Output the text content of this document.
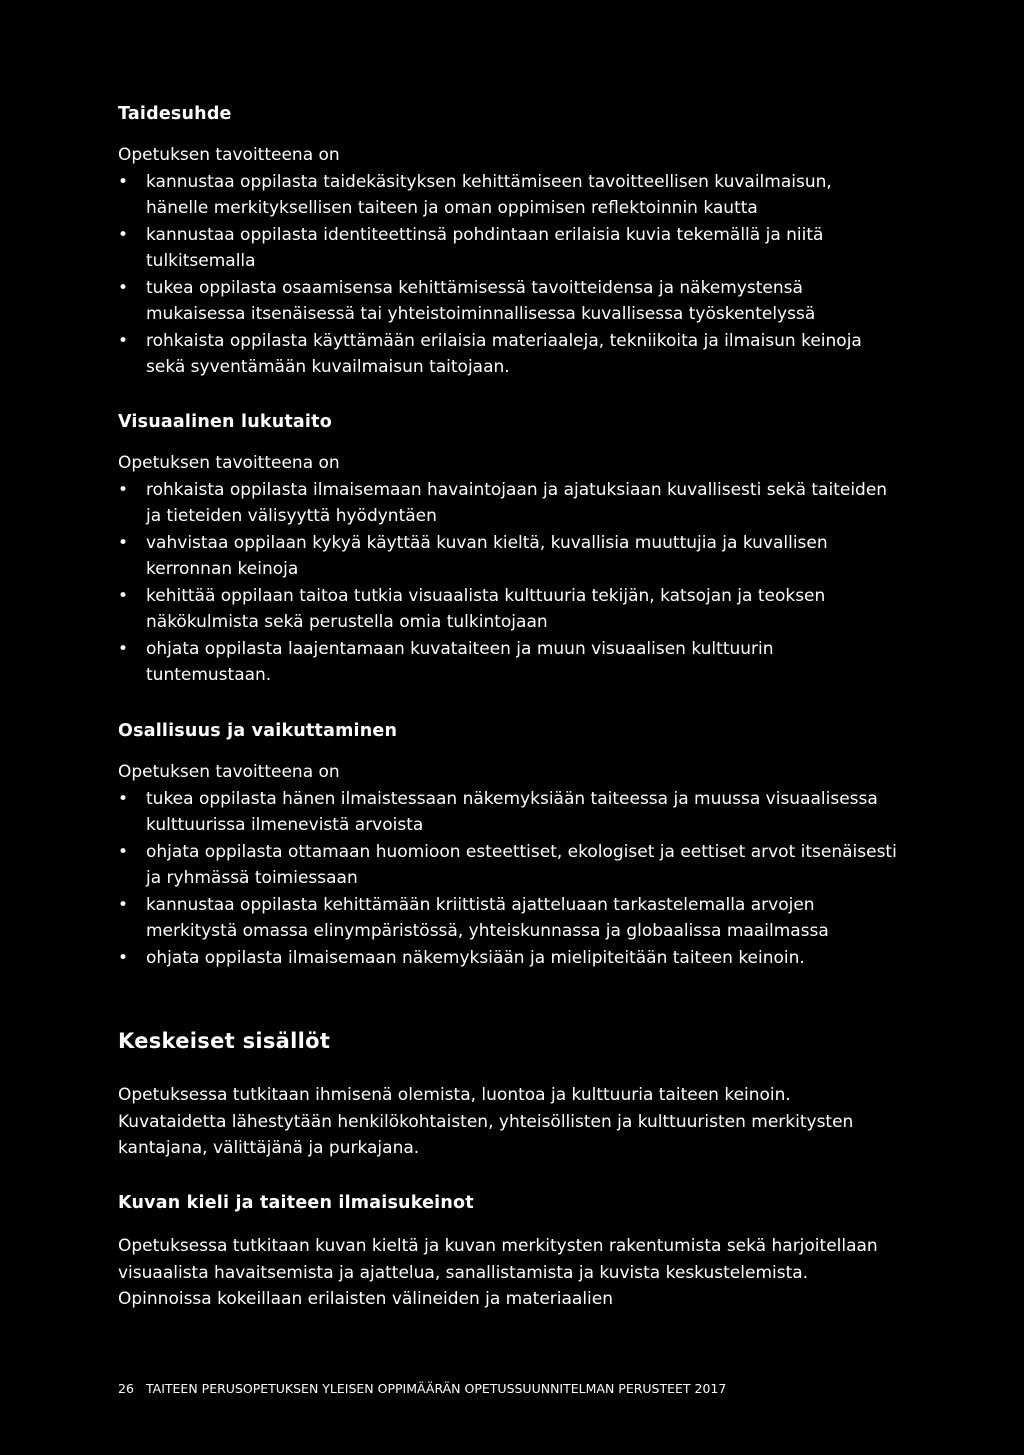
Taidesuhde
Opetuksen tavoitteena on
• kannustaa oppilasta taidekäsityksen kehittämiseen tavoitteellisen kuvailmaisun, hänelle merkityksellisen taiteen ja oman oppimisen reflektoinnin kautta
• kannustaa oppilasta identiteettinsä pohdintaan erilaisia kuvia tekemällä ja niitä tulkitsemalla
• tukea oppilasta osaamisensa kehittämisessä tavoitteidensa ja näkemystensä mukaisessa itsenäisessä tai yhteistoiminnallisessa kuvallisessa työskentelyssä
• rohkaista oppilasta käyttämään erilaisia materiaaleja, tekniikoita ja ilmaisun keinoja sekä syventämään kuvailmaisun taitojaan.
Visuaalinen lukutaito
Opetuksen tavoitteena on
• rohkaista oppilasta ilmaisemaan havaintojaan ja ajatuksiaan kuvallisesti sekä taiteiden ja tieteiden välisyyttä hyödyntäen
• vahvistaa oppilaan kykyä käyttää kuvan kieltä, kuvallisia muuttujia ja kuvallisen kerronnan keinoja
• kehittää oppilaan taitoa tutkia visuaalista kulttuuria tekijän, katsojan ja teoksen näkökulmista sekä perustella omia tulkintojaan
• ohjata oppilasta laajentamaan kuvataiteen ja muun visuaalisen kulttuurin tuntemustaan.
Osallisuus ja vaikuttaminen
Opetuksen tavoitteena on
• tukea oppilasta hänen ilmaistessaan näkemyksiään taiteessa ja muussa visuaalisessa kulttuurissa ilmenevistä arvoista
• ohjata oppilasta ottamaan huomioon esteettiset, ekologiset ja eettiset arvot itsenäisesti ja ryhmässä toimiessaan
• kannustaa oppilasta kehittämään kriittistä ajatteluaan tarkastelemalla arvojen merkitystä omassa elinympäristössä, yhteiskunnassa ja globaalissa maailmassa
• ohjata oppilasta ilmaisemaan näkemyksiään ja mielipiteitään taiteen keinoin.
Keskeiset sisällöt
Opetuksessa tutkitaan ihmisenä olemista, luontoa ja kulttuuria taiteen keinoin. Kuvataidetta lähestytään henkilökohtaisten, yhteisöllisten ja kulttuuristen merkitysten kantajana, välittäjänä ja purkajana.
Kuvan kieli ja taiteen ilmaisukeinot
Opetuksessa tutkitaan kuvan kieltä ja kuvan merkitysten rakentumista sekä harjoitellaan visuaalista havaitsemista ja ajattelua, sanallistamista ja kuvista keskustelemista. Opinnoissa kokeillaan erilaisten välineiden ja materiaalien
26 TAITEEN PERUSOPETUKSEN YLEISEN OPPIMÄÄRÄN OPETUSSUUNNITELMAN PERUSTEET 2017
